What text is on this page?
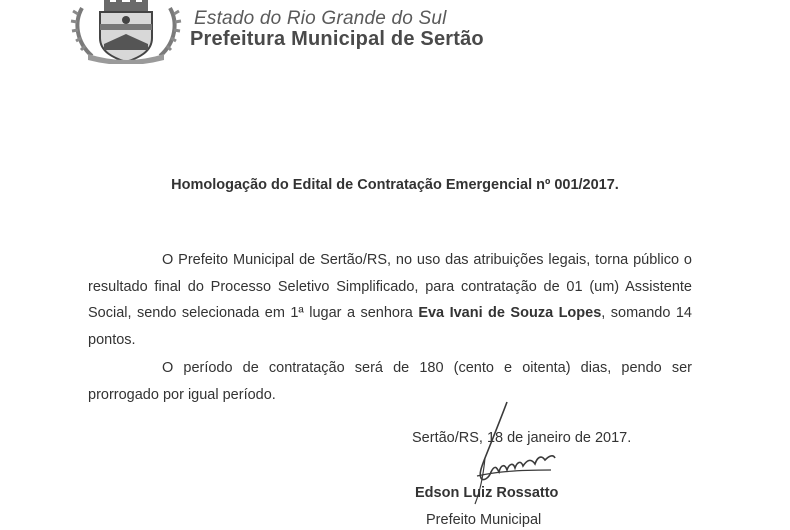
Estado do Rio Grande do Sul
Prefeitura Municipal de Sertão
Homologação do Edital de Contratação Emergencial nº 001/2017.
O Prefeito Municipal de Sertão/RS, no uso das atribuições legais, torna público o resultado final do Processo Seletivo Simplificado, para contratação de 01 (um) Assistente Social, sendo selecionada em 1ª lugar a senhora Eva Ivani de Souza Lopes, somando 14 pontos.
O período de contratação será de 180 (cento e oitenta) dias, pendo ser prorrogado por igual período.
Sertão/RS, 18 de janeiro de 2017.
Edson Luiz Rossatto
Prefeito Municipal
